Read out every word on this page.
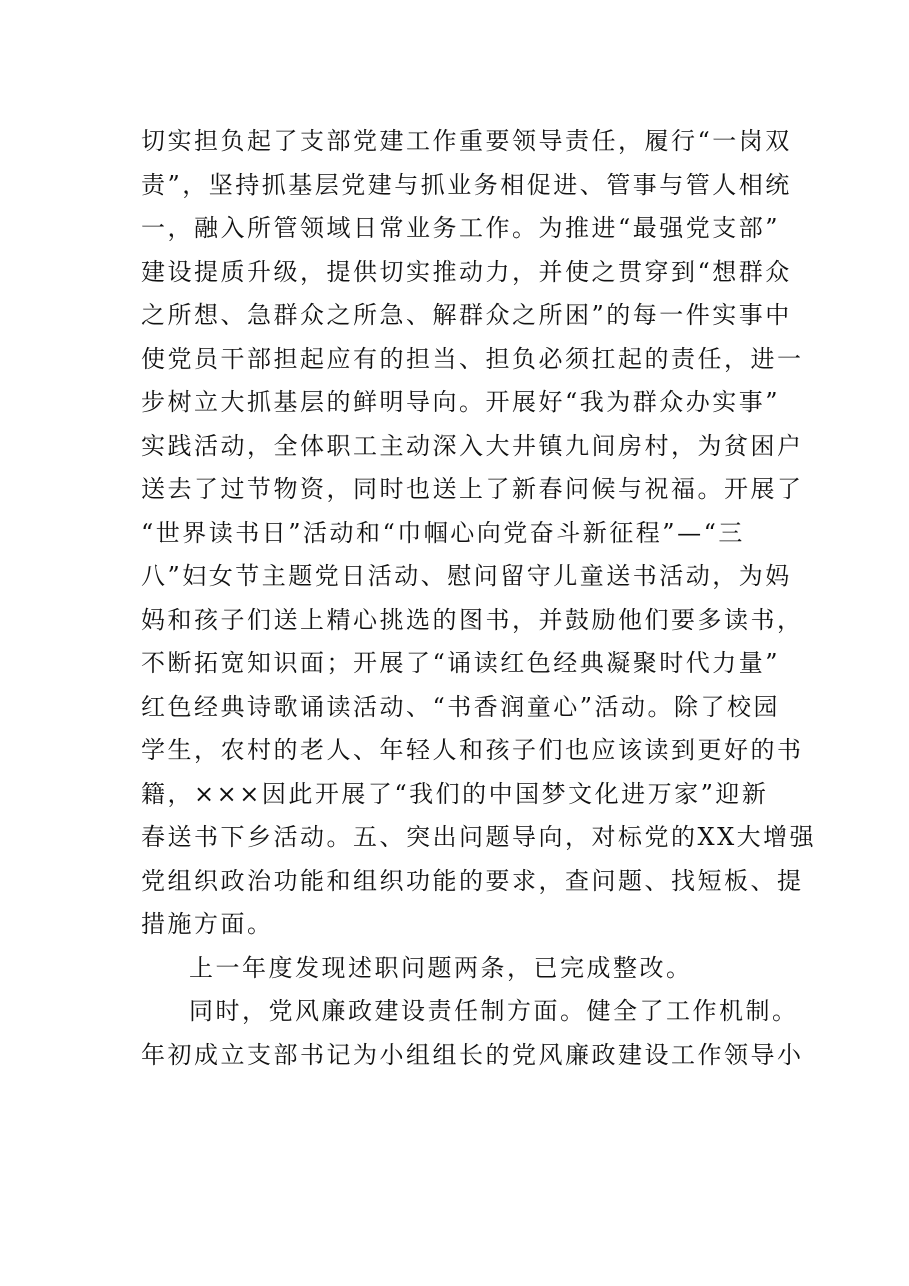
切实担负起了支部党建工作重要领导责任，履行“一岗双
责”，坚持抓基层党建与抓业务相促进、管事与管人相统
一，融入所管领域日常业务工作。为推进“最强党支部”
建设提质升级，提供切实推动力，并使之贯穿到“想群众
之所想、急群众之所急、解群众之所困”的每一件实事中
使党员干部担起应有的担当、担负必须扛起的责任，进一
步树立大抓基层的鲜明导向。开展好“我为群众办实事”
实践活动，全体职工主动深入大井镇九间房村，为贫困户
送去了过节物资，同时也送上了新春问候与祝福。开展了
“世界读书日”活动和“巾帼心向党奋斗新征程”—“三
八”妇女节主题党日活动、慰问留守儿童送书活动，为妈
妈和孩子们送上精心挑选的图书，并鼓励他们要多读书，
不断拓宽知识面；开展了“诵读红色经典凝聚时代力量”
红色经典诗歌诵读活动、“书香润童心”活动。除了校园
学生，农村的老人、年轻人和孩子们也应该读到更好的书
籍，×××因此开展了“我们的中国梦文化进万家”迎新
春送书下乡活动。五、突出问题导向，对标党的XX大增强
党组织政治功能和组织功能的要求，查问题、找短板、提
措施方面。
上一年度发现述职问题两条，已完成整改。
同时，党风廉政建设责任制方面。健全了工作机制。
年初成立支部书记为小组组长的党风廉政建设工作领导小
